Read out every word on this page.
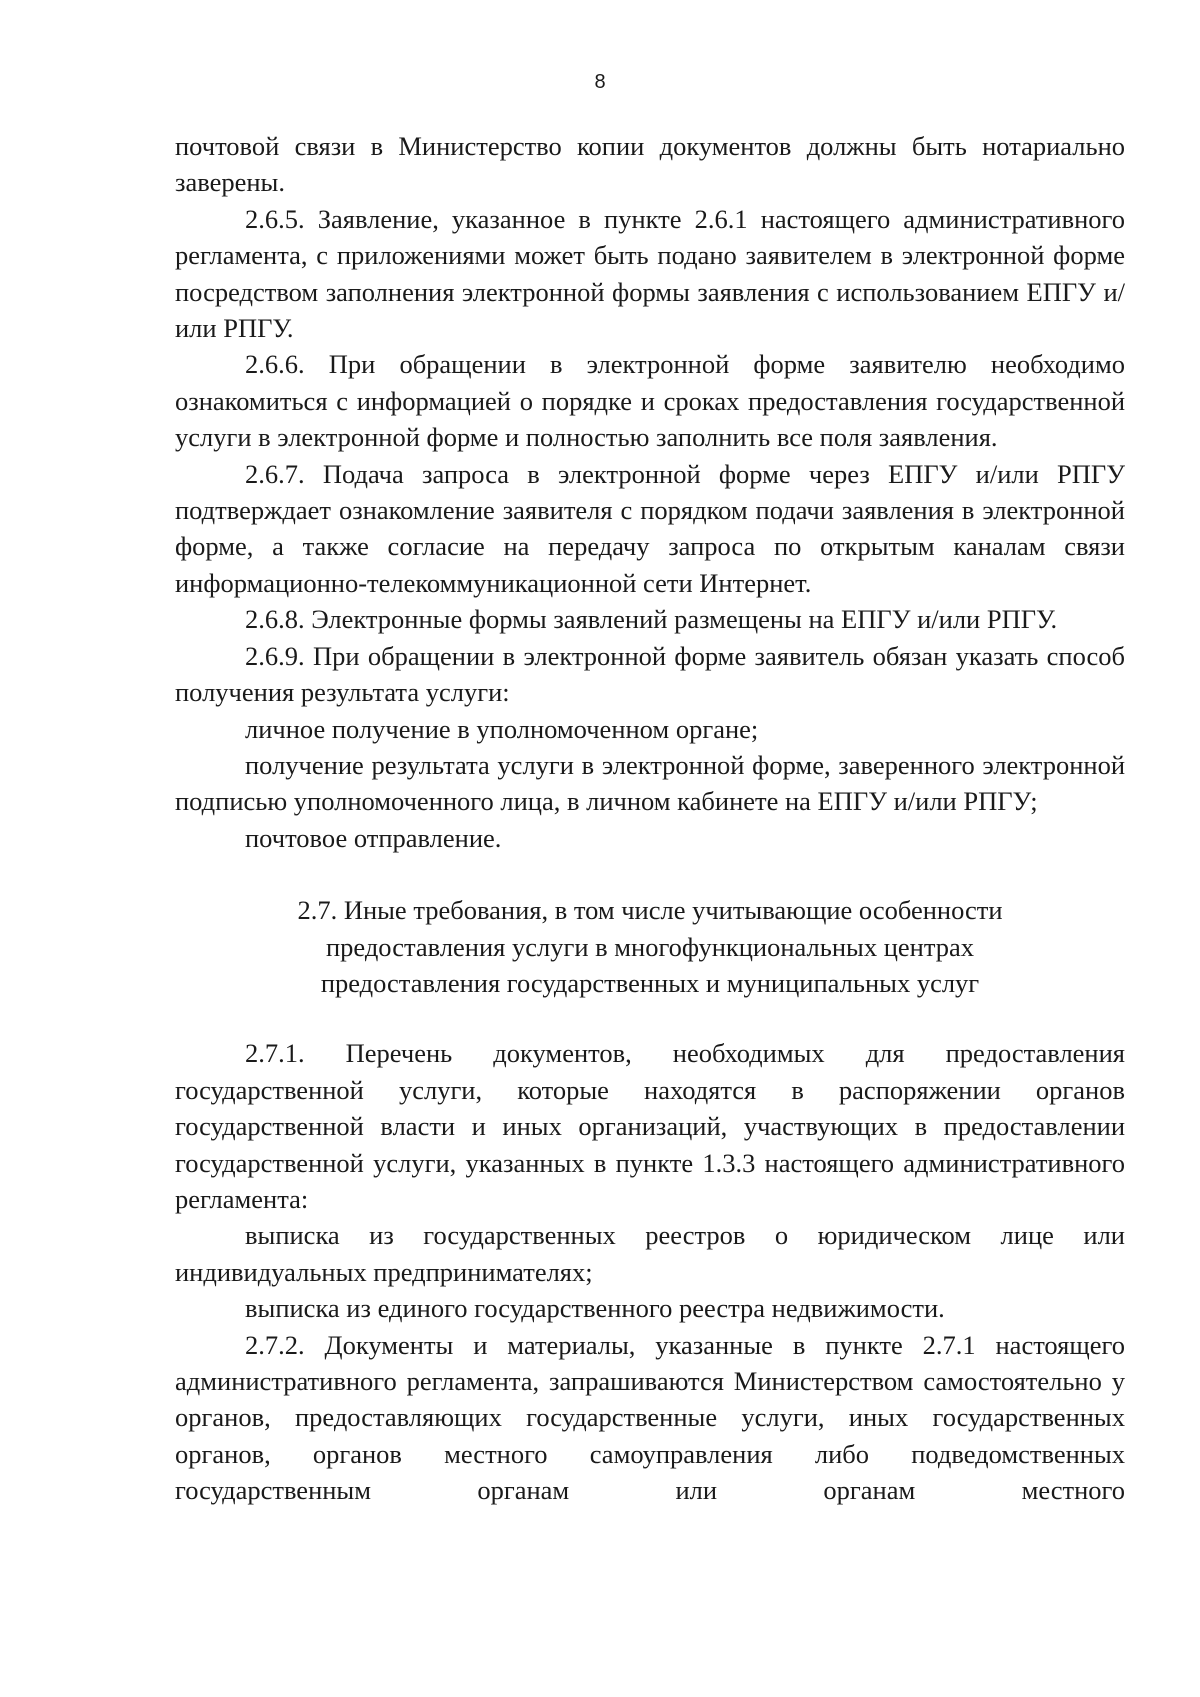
8

почтовой связи в Министерство копии документов должны быть нотариально заверены.

2.6.5. Заявление, указанное в пункте 2.6.1 настоящего административного регламента, с приложениями может быть подано заявителем в электронной форме посредством заполнения электронной формы заявления с использованием ЕПГУ и/или РПГУ.

2.6.6. При обращении в электронной форме заявителю необходимо ознакомиться с информацией о порядке и сроках предоставления государственной услуги в электронной форме и полностью заполнить все поля заявления.

2.6.7. Подача запроса в электронной форме через ЕПГУ и/или РПГУ подтверждает ознакомление заявителя с порядком подачи заявления в электронной форме, а также согласие на передачу запроса по открытым каналам связи информационно-телекоммуникационной сети Интернет.

2.6.8. Электронные формы заявлений размещены на ЕПГУ и/или РПГУ.

2.6.9. При обращении в электронной форме заявитель обязан указать способ получения результата услуги:

личное получение в уполномоченном органе;

получение результата услуги в электронной форме, заверенного электронной подписью уполномоченного лица, в личном кабинете на ЕПГУ и/или РПГУ;

почтовое отправление.

2.7. Иные требования, в том числе учитывающие особенности
предоставления услуги в многофункциональных центрах
предоставления государственных и муниципальных услуг

2.7.1. Перечень документов, необходимых для предоставления государственной услуги, которые находятся в распоряжении органов государственной власти и иных организаций, участвующих в предоставлении государственной услуги, указанных в пункте 1.3.3 настоящего административного регламента:

выписка из государственных реестров о юридическом лице или индивидуальных предпринимателях;

выписка из единого государственного реестра недвижимости.

2.7.2. Документы и материалы, указанные в пункте 2.7.1 настоящего административного регламента, запрашиваются Министерством самостоятельно у органов, предоставляющих государственные услуги, иных государственных органов, органов местного самоуправления либо подведомственных государственным органам или органам местного
